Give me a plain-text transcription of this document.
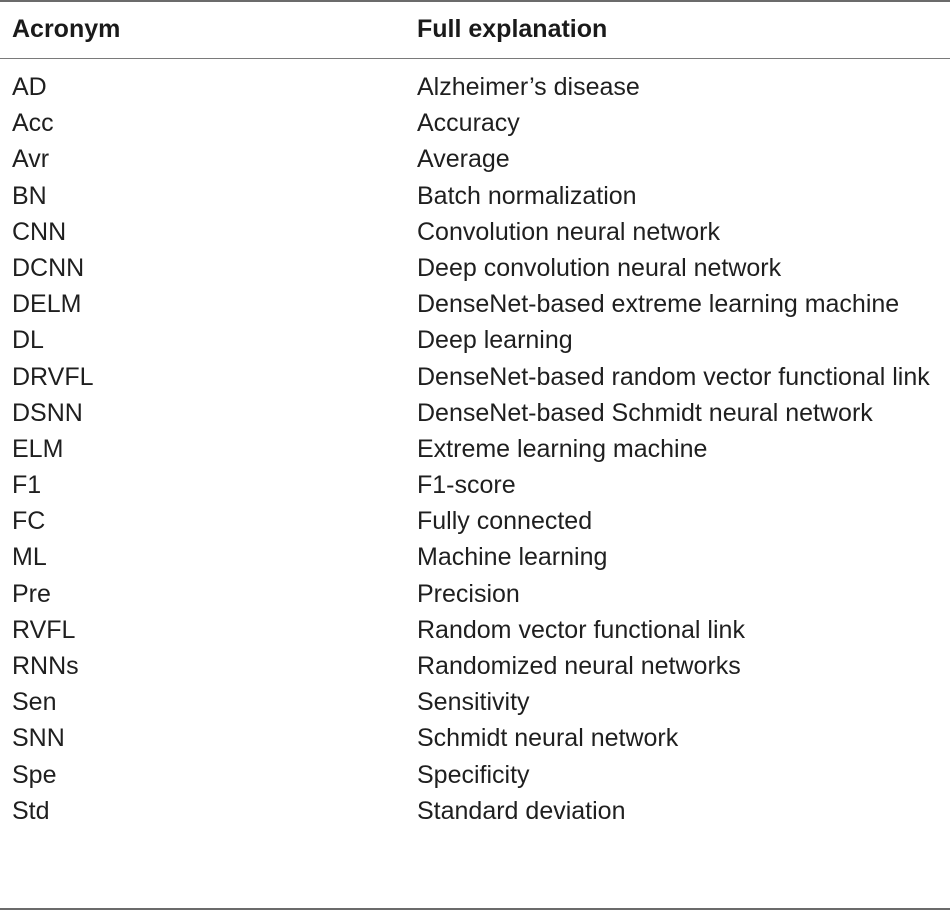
Acronym	Full explanation
AD	Alzheimer’s disease
Acc	Accuracy
Avr	Average
BN	Batch normalization
CNN	Convolution neural network
DCNN	Deep convolution neural network
DELM	DenseNet-based extreme learning machine
DL	Deep learning
DRVFL	DenseNet-based random vector functional link
DSNN	DenseNet-based Schmidt neural network
ELM	Extreme learning machine
F1	F1-score
FC	Fully connected
ML	Machine learning
Pre	Precision
RVFL	Random vector functional link
RNNs	Randomized neural networks
Sen	Sensitivity
SNN	Schmidt neural network
Spe	Specificity
Std	Standard deviation
